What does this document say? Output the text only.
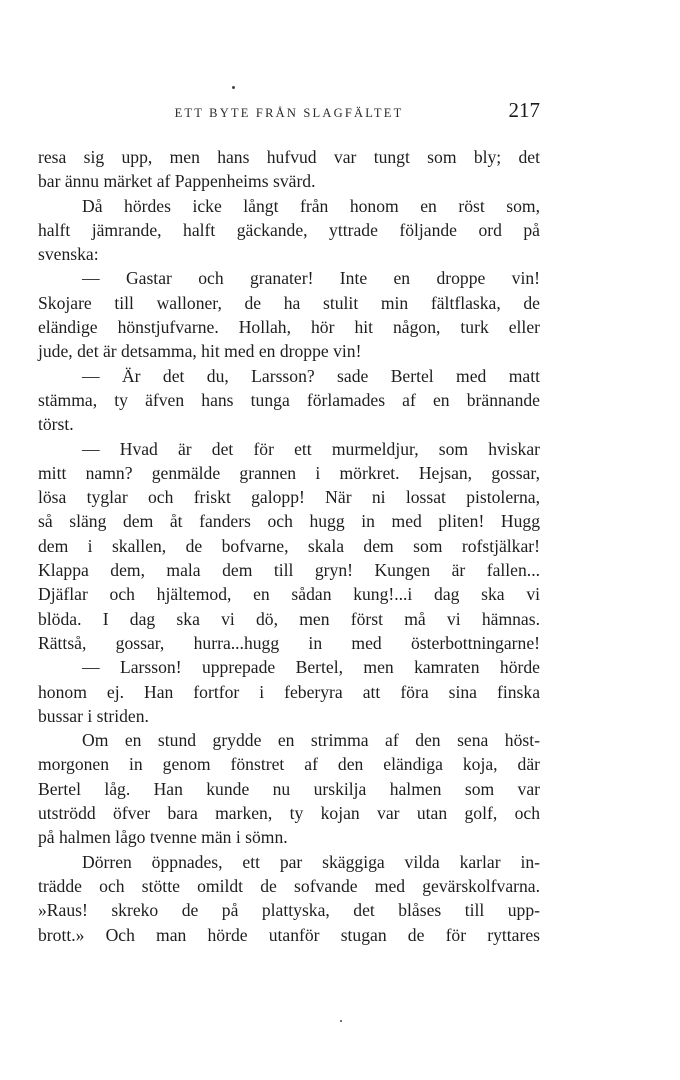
ETT BYTE FRÅN SLAGFÄLTET	217
resa sig upp, men hans hufvud var tungt som bly; det
bar ännu märket af Pappenheims svärd.
Då hördes icke långt från honom en röst som,
halft jämrande, halft gäckande, yttrade följande ord på
svenska:
— Gastar och granater! Inte en droppe vin!
Skojare till walloner, de ha stulit min fältflaska, de
eländige hönstjufvarne. Hollah, hör hit någon, turk eller
jude, det är detsamma, hit med en droppe vin!
— Är det du, Larsson? sade Bertel med matt
stämma, ty äfven hans tunga förlamades af en brännande
törst.
— Hvad är det för ett murmeldjur, som hviskar
mitt namn? genmälde grannen i mörkret. Hejsan, gossar,
lösa tyglar och friskt galopp! När ni lossat pistolerna,
så släng dem åt fanders och hugg in med pliten! Hugg
dem i skallen, de bofvarne, skala dem som rofstjälkar!
Klappa dem, mala dem till gryn! Kungen är fallen...
Djäflar och hjältemod, en sådan kung!...i dag ska vi
blöda. I dag ska vi dö, men först må vi hämnas.
Rättså, gossar, hurra...hugg in med österbottningarne!
— Larsson! upprepade Bertel, men kamraten hörde
honom ej. Han fortfor i feberyra att föra sina finska
bussar i striden.
Om en stund grydde en strimma af den sena höst-
morgonen in genom fönstret af den eländiga koja, där
Bertel låg. Han kunde nu urskilja halmen som var
utströdd öfver bara marken, ty kojan var utan golf, och
på halmen lågo tvenne män i sömn.
Dörren öppnades, ett par skäggiga vilda karlar in-
trädde och stötte omildt de sofvande med gevärskolfvarna.
»Raus! skreko de på plattyska, det blåses till upp-
brott.» Och man hörde utanför stugan de för ryttares
